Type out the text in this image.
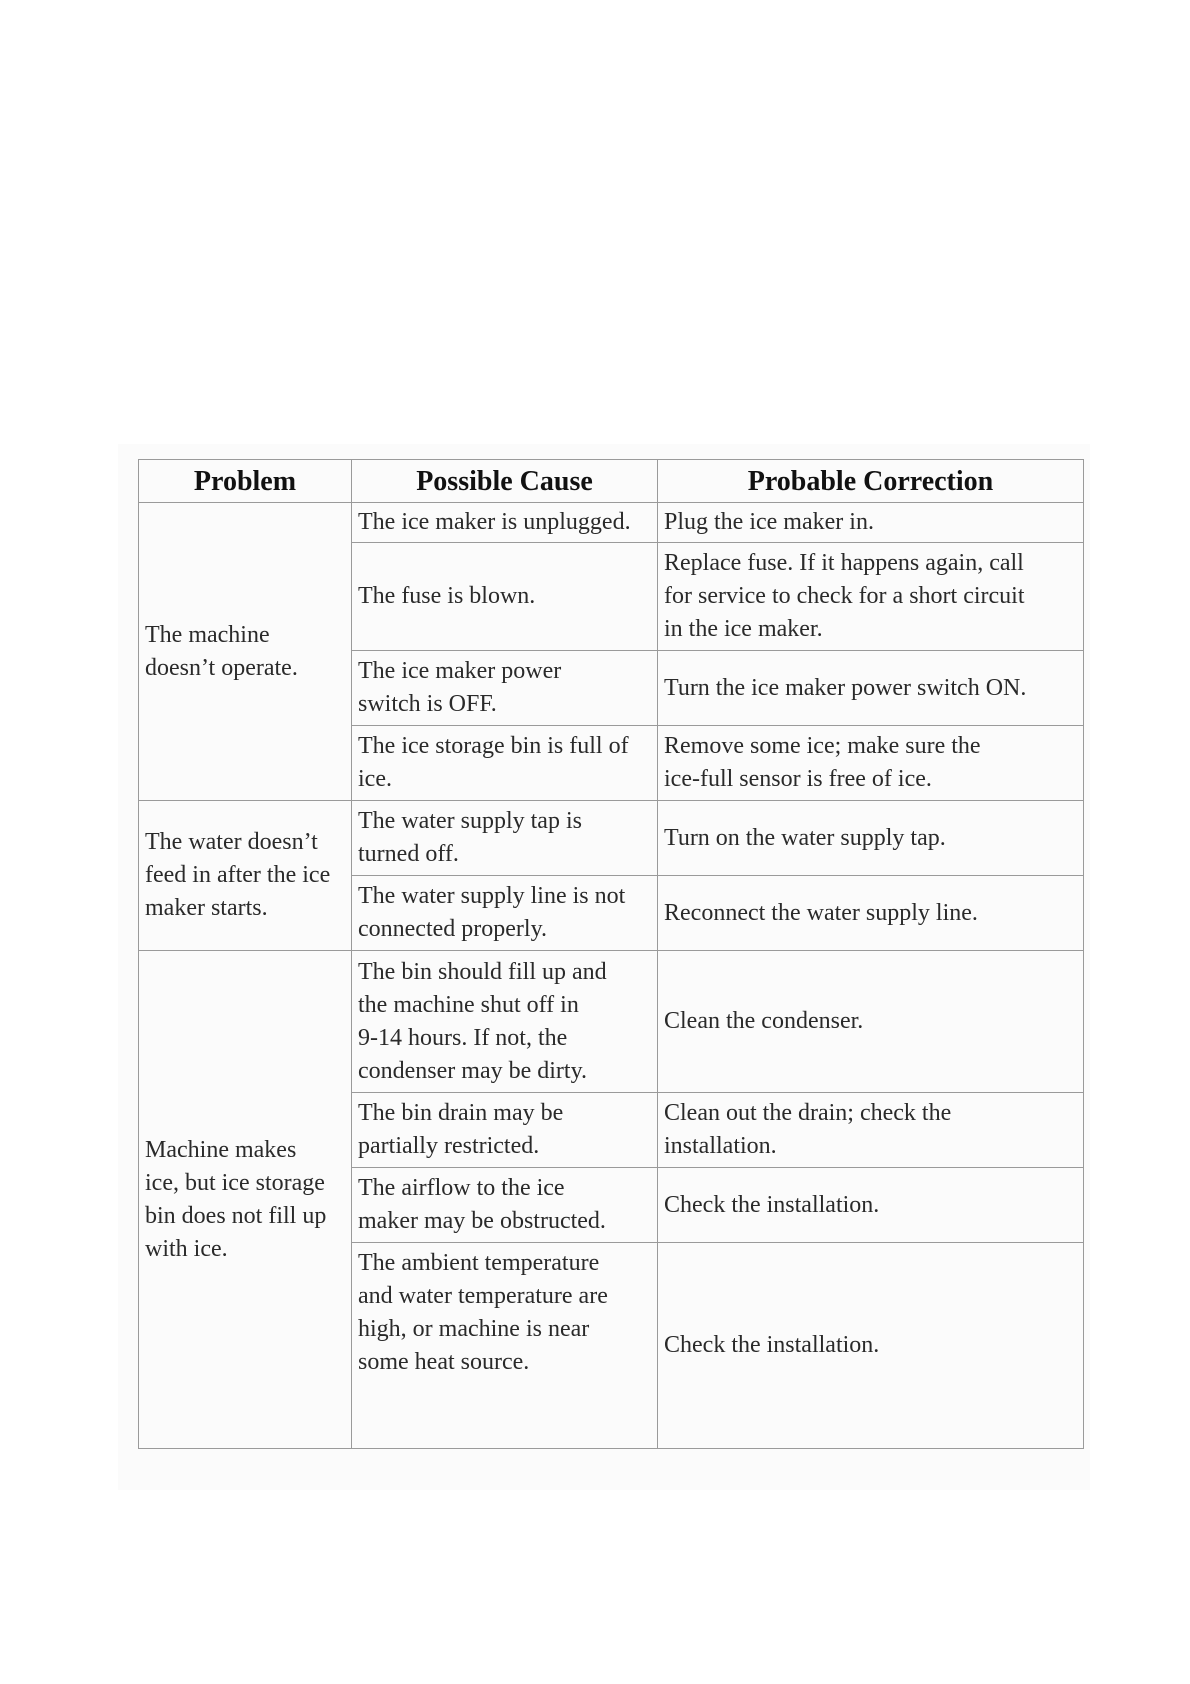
Problem	Possible Cause	Probable Correction

The machine
doesn’t operate.	The ice maker is unplugged.	Plug the ice maker in.

	The fuse is blown.	Replace fuse. If it happens again, call
for service to check for a short circuit
in the ice maker.

	The ice maker power
switch is OFF.	Turn the ice maker power switch ON.

	The ice storage bin is full of
ice.	Remove some ice; make sure the
ice-full sensor is free of ice.

The water doesn’t
feed in after the ice
maker starts.	The water supply tap is
turned off.	Turn on the water supply tap.

	The water supply line is not
connected properly.	Reconnect the water supply line.

Machine makes
ice, but ice storage
bin does not fill up
with ice.	The bin should fill up and
the machine shut off in
9-14 hours. If not, the
condenser may be dirty.	Clean the condenser.

	The bin drain may be
partially restricted.	Clean out the drain; check the
installation.

	The airflow to the ice
maker may be obstructed.	Check the installation.

	The ambient temperature
and water temperature are
high, or machine is near
some heat source.	Check the installation.
